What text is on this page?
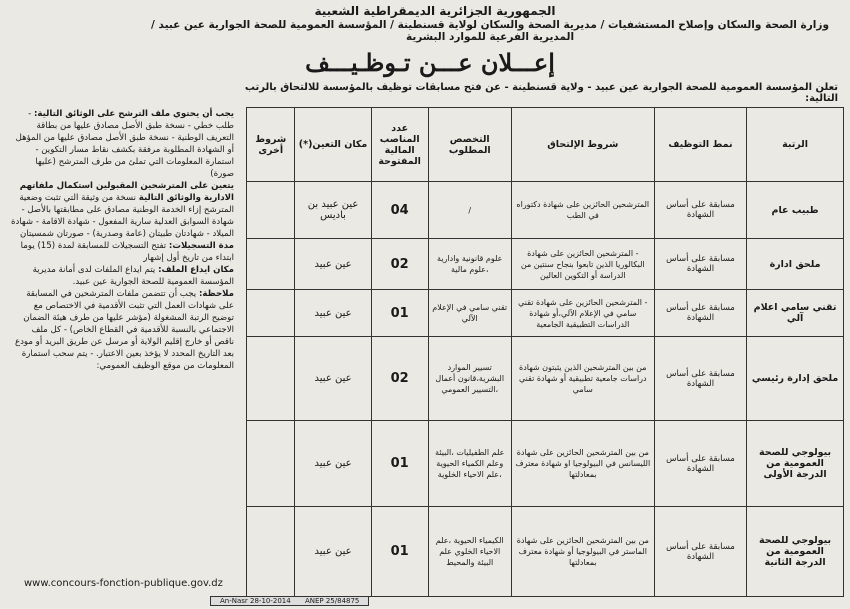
الجمهورية الجزائرية الديمقراطية الشعبية
وزارة الصحة والسكان وإصلاح المستشفيات / مديرية الصحة والسكان لولاية قسنطينة / المؤسسة العمومية للصحة الجوارية عين عبيد / المديرية الفرعية للموارد البشرية
إعـــلان عـــن تـوظـيـــف
تعلن المؤسسة العمومية للصحة الجوارية عين عبيد - ولاية قسنطينة - عن فتح مسابقات توظيف بالمؤسسة للالتحاق بالرتب التالية:
الرتبة	نمط التوظيف	شروط الإلتحاق	التخصص المطلوب	عدد المناصب المالية المفتوحة	مكان التعين(*)	شروط أخرى
طبيب عام	مسابقة على أساس الشهادة	المترشحين الحائزين على شهادة دكتوراه في الطب	/	04	عين عبيد بن باديس	
ملحق ادارة	مسابقة على أساس الشهادة	- المترشحين الحائزين على شهادة البكالوريا الذين تابعوا بنجاح سنتين من الدراسة أو التكوين العالين	علوم قانونية وادارية ،علوم مالية	02	عين عبيد	
تقني سامي اعلام آلي	مسابقة على أساس الشهادة	- المترشحين الحائزين على شهادة تقني سامي في الإعلام الآلي،أو شهادة الدراسات التطبيقية الجامعية	تقني سامي في الإعلام الآلي	01	عين عبيد	
ملحق إدارة رئيسي	مسابقة على أساس الشهادة	من بين المترشحين الذين يثبتون شهادة دراسات جامعية تطبيقية أو شهادة تقني سامي	تسيير الموارد البشرية،قانون أعمال ،التسيير العمومي	02	عين عبيد	
بيولوجي للصحة العمومية من الدرجة الأولى	مسابقة على أساس الشهادة	من بين المترشحين الحائزين على شهادة الليسانس في البيولوجيا او شهادة معترف بمعادلتها	علم الطفيليات ،البيئة وعلم الكمياء الحيوية ،علم الاحياء الخلوية	01	عين عبيد	
بيولوجي للصحة العمومية من الدرجة الثانية	مسابقة على أساس الشهادة	من بين المترشحين الحائزين على شهادة الماستر في البيولوجيا أو شهادة معترف بمعادلتها	الكيمياء الحيوية ،علم الاحياء الخلوي علم البيئة والمحيط	01	عين عبيد	

يجب أن يحتوي ملف الترشح على الوثائق التالية: - طلب خطي - نسخة طبق الأصل مصادق عليها من بطاقة التعريف الوطنية - نسخة طبق الأصل مصادق عليها من المؤهل أو الشهادة المطلوبة مرفقة بكشف نقاط مسار التكوين - استمارة المعلومات التي تملئ من طرف المترشح (عليها صورة)

يتعين على المترشحين المقبولين استكمال ملفاتهم الادارية والوثائق التالية نسخة من وثيقة التي تثبت وضعية المترشح إزاء الخدمة الوطنية مصادق على مطابقتها بالأصل - شهادة السوابق العدلية سارية المفعول - شهادة الاقامة - شهادة الميلاد - شهادتان طبيتان (عامة وصدرية) - صورتان شمسيتان

مدة التسجيلات: تفتح التسجيلات للمسابقة لمدة (15) يوما ابتداء من تاريخ أول إشهار

مكان ايداع الملف: يتم ايداع الملفات لدى أمانة مديرية المؤسسة العمومية للصحة الجوارية عين عبيد.

ملاحظة: يجب أن تتضمن ملفات المترشحين في المسابقة على شهادات العمل التي تثبت الأقدمية في الاختصاص مع توضيح الرتبة المشغولة (مؤشر عليها من طرف هيئة الضمان الاجتماعي بالنسبة للأقدمية في القطاع الخاص) - كل ملف ناقص أو خارج إقليم الولاية أو مرسل عن طريق البريد أو مودع بعد التاريخ المحدد لا يؤخذ بعين الاعتبار. - يتم سحب استمارة المعلومات من موقع الوظيف العمومي:

www.concours-fonction-publique.gov.dz
An-Nasr 28-10-2014 ANEP 25/84875
